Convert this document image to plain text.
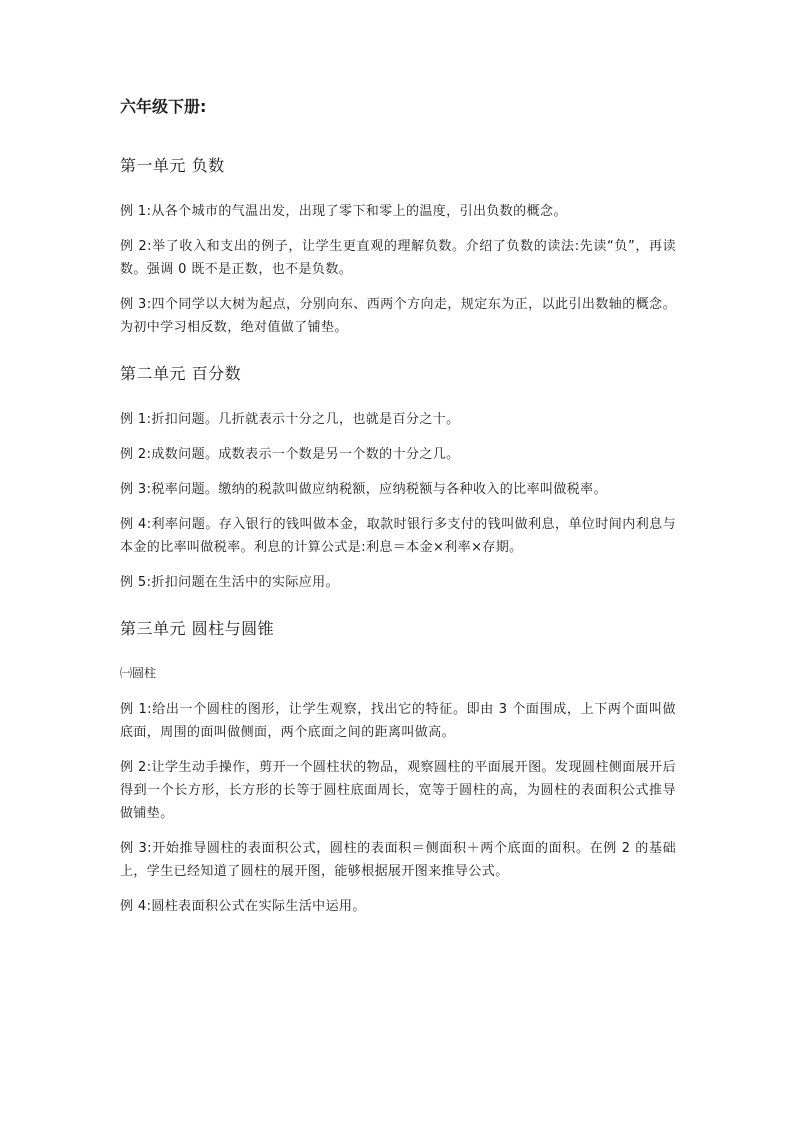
六年级下册:
第一单元 负数

例 1:从各个城市的气温出发，出现了零下和零上的温度，引出负数的概念。

例 2:举了收入和支出的例子，让学生更直观的理解负数。介绍了负数的读法:先读“负”，再读数。强调 0 既不是正数，也不是负数。

例 3:四个同学以大树为起点，分别向东、西两个方向走，规定东为正，以此引出数轴的概念。为初中学习相反数，绝对值做了铺垫。

第二单元 百分数

例 1:折扣问题。几折就表示十分之几，也就是百分之十。

例 2:成数问题。成数表示一个数是另一个数的十分之几。

例 3:税率问题。缴纳的税款叫做应纳税额，应纳税额与各种收入的比率叫做税率。

例 4:利率问题。存入银行的钱叫做本金，取款时银行多支付的钱叫做利息，单位时间内利息与本金的比率叫做税率。利息的计算公式是:利息＝本金×利率×存期。

例 5:折扣问题在生活中的实际应用。

第三单元 圆柱与圆锥
㈠圆柱

例 1:给出一个圆柱的图形，让学生观察，找出它的特征。即由 3 个面围成，上下两个面叫做底面，周围的面叫做侧面，两个底面之间的距离叫做高。

例 2:让学生动手操作，剪开一个圆柱状的物品，观察圆柱的平面展开图。发现圆柱侧面展开后得到一个长方形，长方形的长等于圆柱底面周长，宽等于圆柱的高，为圆柱的表面积公式推导做铺垫。

例 3:开始推导圆柱的表面积公式，圆柱的表面积＝侧面积＋两个底面的面积。在例 2 的基础上，学生已经知道了圆柱的展开图，能够根据展开图来推导公式。

例 4:圆柱表面积公式在实际生活中运用。
